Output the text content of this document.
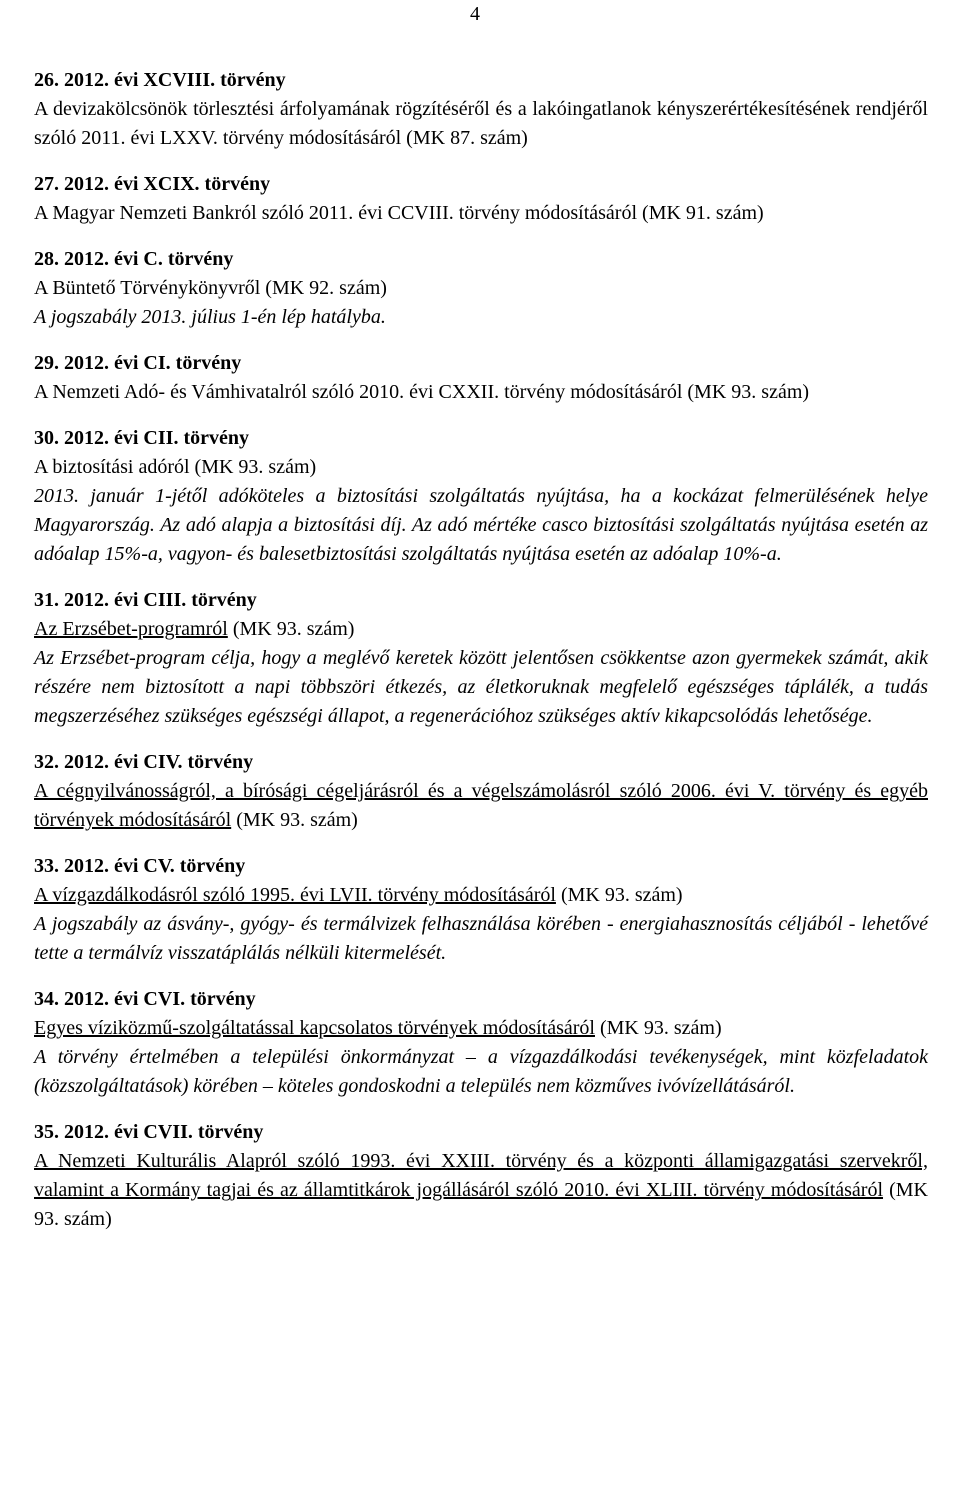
4

26. 2012. évi XCVIII. törvény

A devizakölcsönök törlesztési árfolyamának rögzítéséről és a lakóingatlanok kényszerértékesítésének rendjéről szóló 2011. évi LXXV. törvény módosításáról (MK 87. szám)

27. 2012. évi XCIX. törvény

A Magyar Nemzeti Bankról szóló 2011. évi CCVIII. törvény módosításáról (MK 91. szám)

28. 2012. évi C. törvény

A Büntető Törvénykönyvről (MK 92. szám)

A jogszabály 2013. július 1-én lép hatályba.

29. 2012. évi CI. törvény

A Nemzeti Adó- és Vámhivatalról szóló 2010. évi CXXII. törvény módosításáról (MK 93. szám)

30. 2012. évi CII. törvény

A biztosítási adóról (MK 93. szám)

2013. január 1-jétől adóköteles a biztosítási szolgáltatás nyújtása, ha a kockázat felmerülésének helye Magyarország. Az adó alapja a biztosítási díj. Az adó mértéke casco biztosítási szolgáltatás nyújtása esetén az adóalap 15%-a, vagyon- és balesetbiztosítási szolgáltatás nyújtása esetén az adóalap 10%-a.

31. 2012. évi CIII. törvény

Az Erzsébet-programról (MK 93. szám)

Az Erzsébet-program célja, hogy a meglévő keretek között jelentősen csökkentse azon gyermekek számát, akik részére nem biztosított a napi többszöri étkezés, az életkoruknak megfelelő egészséges táplálék, a tudás megszerzéséhez szükséges egészségi állapot, a regenerációhoz szükséges aktív kikapcsolódás lehetősége.

32. 2012. évi CIV. törvény

A cégnyilvánosságról, a bírósági cégeljárásról és a végelszámolásról szóló 2006. évi V. törvény és egyéb törvények módosításáról (MK 93. szám)

33. 2012. évi CV. törvény

A vízgazdálkodásról szóló 1995. évi LVII. törvény módosításáról (MK 93. szám)

A jogszabály az ásvány-, gyógy- és termálvizek felhasználása körében - energiahasznosítás céljából - lehetővé tette a termálvíz visszatáplálás nélküli kitermelését.

34. 2012. évi CVI. törvény

Egyes víziközmű-szolgáltatással kapcsolatos törvények módosításáról (MK 93. szám)

A törvény értelmében a települési önkormányzat – a vízgazdálkodási tevékenységek, mint közfeladatok (közszolgáltatások) körében – köteles gondoskodni a település nem közműves ivóvízellátásáról.

35. 2012. évi CVII. törvény

A Nemzeti Kulturális Alapról szóló 1993. évi XXIII. törvény és a központi államigazgatási szervekről, valamint a Kormány tagjai és az államtitkárok jogállásáról szóló 2010. évi XLIII. törvény módosításáról (MK 93. szám)
